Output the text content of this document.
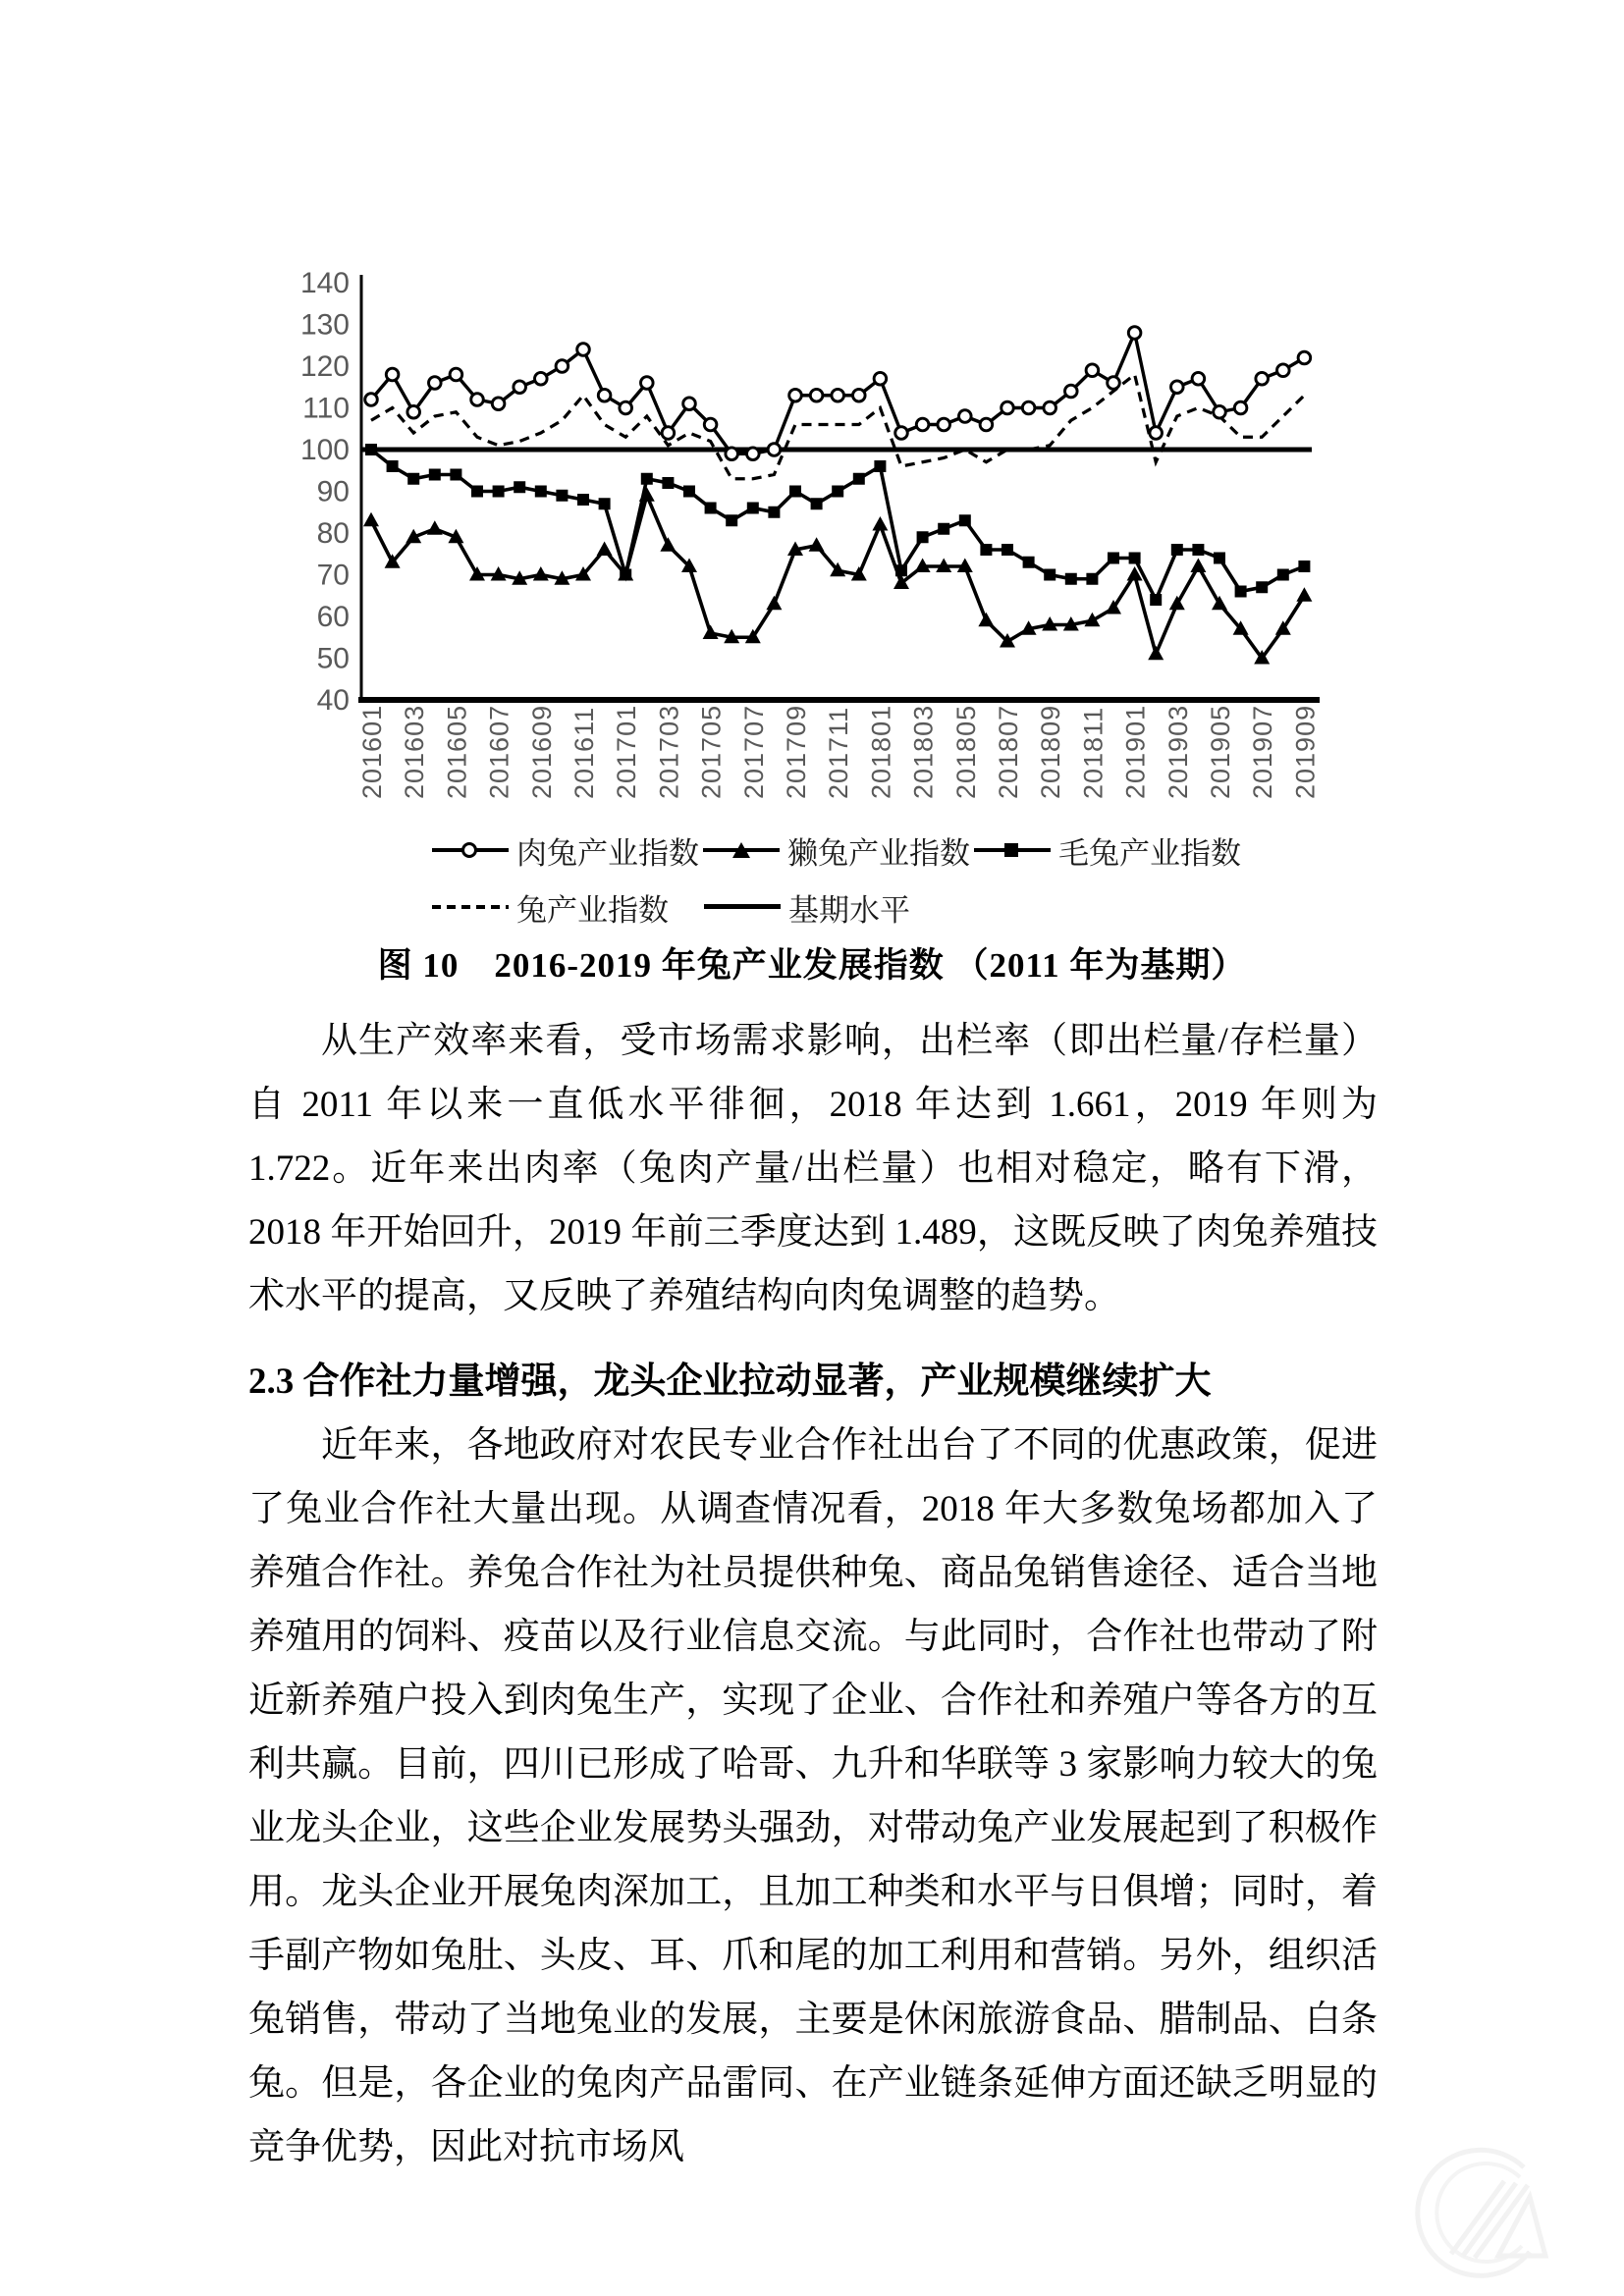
40
50
60
70
80
90
100
110
120
130
140
201601 201603 201605 201607 201609 201611 201701 201703 201705 201707 201709 201711 201801 201803 201805 201807 201809 201811 201901 201903 201905 201907 201909
肉兔产业指数	獭兔产业指数	毛兔产业指数
兔产业指数	基期水平
图 10　2016-2019 年兔产业发展指数 （2011 年为基期）

从生产效率来看，受市场需求影响，出栏率（即出栏量/存栏量）自 2011 年以来一直低水平徘徊，2018 年达到 1.661，2019 年则为 1.722。近年来出肉率（兔肉产量/出栏量）也相对稳定，略有下滑，2018 年开始回升，2019 年前三季度达到 1.489，这既反映了肉兔养殖技术水平的提高，又反映了养殖结构向肉兔调整的趋势。

2.3 合作社力量增强，龙头企业拉动显著，产业规模继续扩大

近年来，各地政府对农民专业合作社出台了不同的优惠政策，促进了兔业合作社大量出现。从调查情况看，2018 年大多数兔场都加入了养殖合作社。养兔合作社为社员提供种兔、商品兔销售途径、适合当地养殖用的饲料、疫苗以及行业信息交流。与此同时，合作社也带动了附近新养殖户投入到肉兔生产，实现了企业、合作社和养殖户等各方的互利共赢。目前，四川已形成了哈哥、九升和华联等 3 家影响力较大的兔业龙头企业，这些企业发展势头强劲，对带动兔产业发展起到了积极作用。龙头企业开展兔肉深加工，且加工种类和水平与日俱增；同时，着手副产物如兔肚、头皮、耳、爪和尾的加工利用和营销。另外，组织活兔销售，带动了当地兔业的发展，主要是休闲旅游食品、腊制品、白条兔。但是，各企业的兔肉产品雷同、在产业链条延伸方面还缺乏明显的竞争优势，因此对抗市场风
